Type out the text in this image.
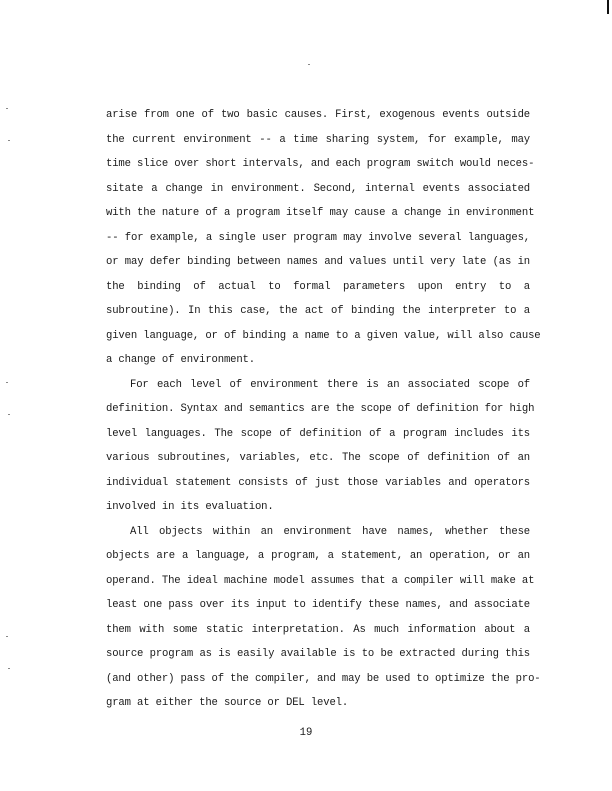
arise from one of two basic causes. First, exogenous events outside
the current environment -- a time sharing system, for example, may
time slice over short intervals, and each program switch would neces-
sitate a change in environment. Second, internal events associated
with the nature of a program itself may cause a change in environment
-- for example, a single user program may involve several languages,
or may defer binding between names and values until very late (as in
the binding of actual to formal parameters upon entry to a
subroutine). In this case, the act of binding the interpreter to a
given language, or of binding a name to a given value, will also cause
a change of environment.
For each level of environment there is an associated scope of
definition. Syntax and semantics are the scope of definition for high
level languages. The scope of definition of a program includes its
various subroutines, variables, etc. The scope of definition of an
individual statement consists of just those variables and operators
involved in its evaluation.
All objects within an environment have names, whether these
objects are a language, a program, a statement, an operation, or an
operand. The ideal machine model assumes that a compiler will make at
least one pass over its input to identify these names, and associate
them with some static interpretation. As much information about a
source program as is easily available is to be extracted during this
(and other) pass of the compiler, and may be used to optimize the pro-
gram at either the source or DEL level.
19
